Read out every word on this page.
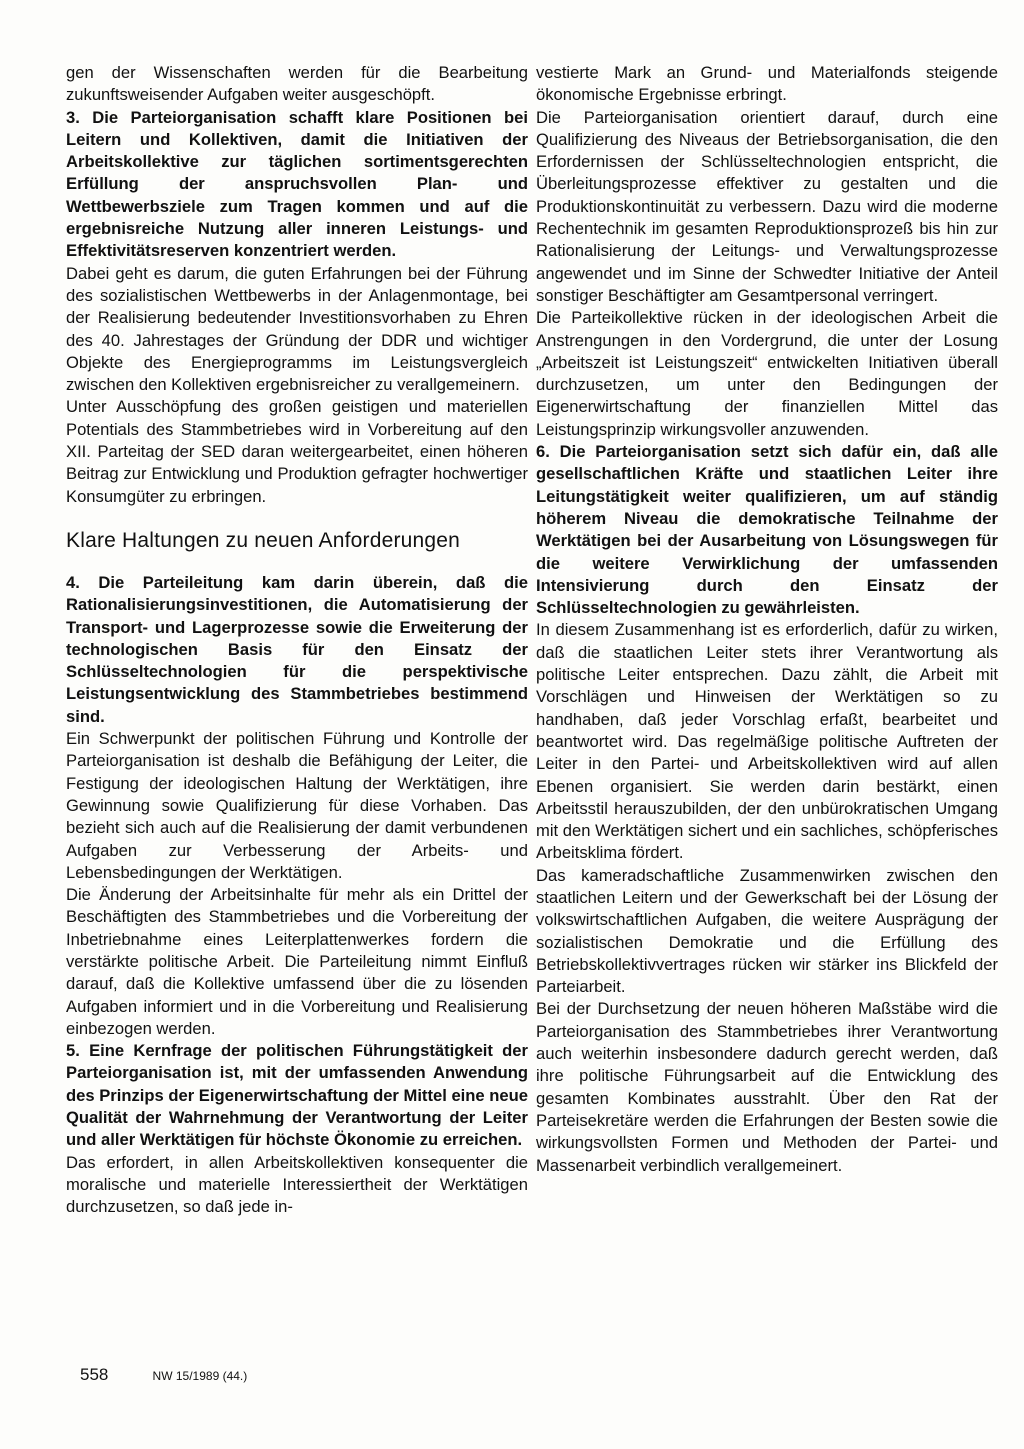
gen der Wissenschaften werden für die Bearbeitung zukunftsweisender Aufgaben weiter ausgeschöpft.

3. Die Parteiorganisation schafft klare Positionen bei Leitern und Kollektiven, damit die Initiativen der Arbeitskollektive zur täglichen sortimentsgerechten Erfüllung der anspruchsvollen Plan- und Wettbewerbsziele zum Tragen kommen und auf die ergebnisreiche Nutzung aller inneren Leistungs- und Effektivitätsreserven konzentriert werden.

Dabei geht es darum, die guten Erfahrungen bei der Führung des sozialistischen Wettbewerbs in der Anlagenmontage, bei der Realisierung bedeutender Investitionsvorhaben zu Ehren des 40. Jahrestages der Gründung der DDR und wichtiger Objekte des Energieprogramms im Leistungsvergleich zwischen den Kollektiven ergebnisreicher zu verallgemeinern.

Unter Ausschöpfung des großen geistigen und materiellen Potentials des Stammbetriebes wird in Vorbereitung auf den XII. Parteitag der SED daran weitergearbeitet, einen höheren Beitrag zur Entwicklung und Produktion gefragter hochwertiger Konsumgüter zu erbringen.

Klare Haltungen zu neuen Anforderungen

4. Die Parteileitung kam darin überein, daß die Rationalisierungsinvestitionen, die Automatisierung der Transport- und Lagerprozesse sowie die Erweiterung der technologischen Basis für den Einsatz der Schlüsseltechnologien für die perspektivische Leistungsentwicklung des Stammbetriebes bestimmend sind.

Ein Schwerpunkt der politischen Führung und Kontrolle der Parteiorganisation ist deshalb die Befähigung der Leiter, die Festigung der ideologischen Haltung der Werktätigen, ihre Gewinnung sowie Qualifizierung für diese Vorhaben. Das bezieht sich auch auf die Realisierung der damit verbundenen Aufgaben zur Verbesserung der Arbeits- und Lebensbedingungen der Werktätigen.

Die Änderung der Arbeitsinhalte für mehr als ein Drittel der Beschäftigten des Stammbetriebes und die Vorbereitung der Inbetriebnahme eines Leiterplattenwerkes fordern die verstärkte politische Arbeit. Die Parteileitung nimmt Einfluß darauf, daß die Kollektive umfassend über die zu lösenden Aufgaben informiert und in die Vorbereitung und Realisierung einbezogen werden.

5. Eine Kernfrage der politischen Führungstätigkeit der Parteiorganisation ist, mit der umfassenden Anwendung des Prinzips der Eigenerwirtschaftung der Mittel eine neue Qualität der Wahrnehmung der Verantwortung der Leiter und aller Werktätigen für höchste Ökonomie zu erreichen.

Das erfordert, in allen Arbeitskollektiven konsequenter die moralische und materielle Interessiertheit der Werktätigen durchzusetzen, so daß jede in-

vestierte Mark an Grund- und Materialfonds steigende ökonomische Ergebnisse erbringt.

Die Parteiorganisation orientiert darauf, durch eine Qualifizierung des Niveaus der Betriebsorganisation, die den Erfordernissen der Schlüsseltechnologien entspricht, die Überleitungsprozesse effektiver zu gestalten und die Produktionskontinuität zu verbessern. Dazu wird die moderne Rechentechnik im gesamten Reproduktionsprozeß bis hin zur Rationalisierung der Leitungs- und Verwaltungsprozesse angewendet und im Sinne der Schwedter Initiative der Anteil sonstiger Beschäftigter am Gesamtpersonal verringert.

Die Parteikollektive rücken in der ideologischen Arbeit die Anstrengungen in den Vordergrund, die unter der Losung „Arbeitszeit ist Leistungszeit“ entwickelten Initiativen überall durchzusetzen, um unter den Bedingungen der Eigenerwirtschaftung der finanziellen Mittel das Leistungsprinzip wirkungsvoller anzuwenden.

6. Die Parteiorganisation setzt sich dafür ein, daß alle gesellschaftlichen Kräfte und staatlichen Leiter ihre Leitungstätigkeit weiter qualifizieren, um auf ständig höherem Niveau die demokratische Teilnahme der Werktätigen bei der Ausarbeitung von Lösungswegen für die weitere Verwirklichung der umfassenden Intensivierung durch den Einsatz der Schlüsseltechnologien zu gewährleisten.

In diesem Zusammenhang ist es erforderlich, dafür zu wirken, daß die staatlichen Leiter stets ihrer Verantwortung als politische Leiter entsprechen. Dazu zählt, die Arbeit mit Vorschlägen und Hinweisen der Werktätigen so zu handhaben, daß jeder Vorschlag erfaßt, bearbeitet und beantwortet wird. Das regelmäßige politische Auftreten der Leiter in den Partei- und Arbeitskollektiven wird auf allen Ebenen organisiert. Sie werden darin bestärkt, einen Arbeitsstil herauszubilden, der den unbürokratischen Umgang mit den Werktätigen sichert und ein sachliches, schöpferisches Arbeitsklima fördert.

Das kameradschaftliche Zusammenwirken zwischen den staatlichen Leitern und der Gewerkschaft bei der Lösung der volkswirtschaftlichen Aufgaben, die weitere Ausprägung der sozialistischen Demokratie und die Erfüllung des Betriebskollektivvertrages rücken wir stärker ins Blickfeld der Parteiarbeit.

Bei der Durchsetzung der neuen höheren Maßstäbe wird die Parteiorganisation des Stammbetriebes ihrer Verantwortung auch weiterhin insbesondere dadurch gerecht werden, daß ihre politische Führungsarbeit auf die Entwicklung des gesamten Kombinates ausstrahlt. Über den Rat der Parteisekretäre werden die Erfahrungen der Besten sowie die wirkungsvollsten Formen und Methoden der Partei- und Massenarbeit verbindlich verallgemeinert.

558	NW 15/1989 (44.)
